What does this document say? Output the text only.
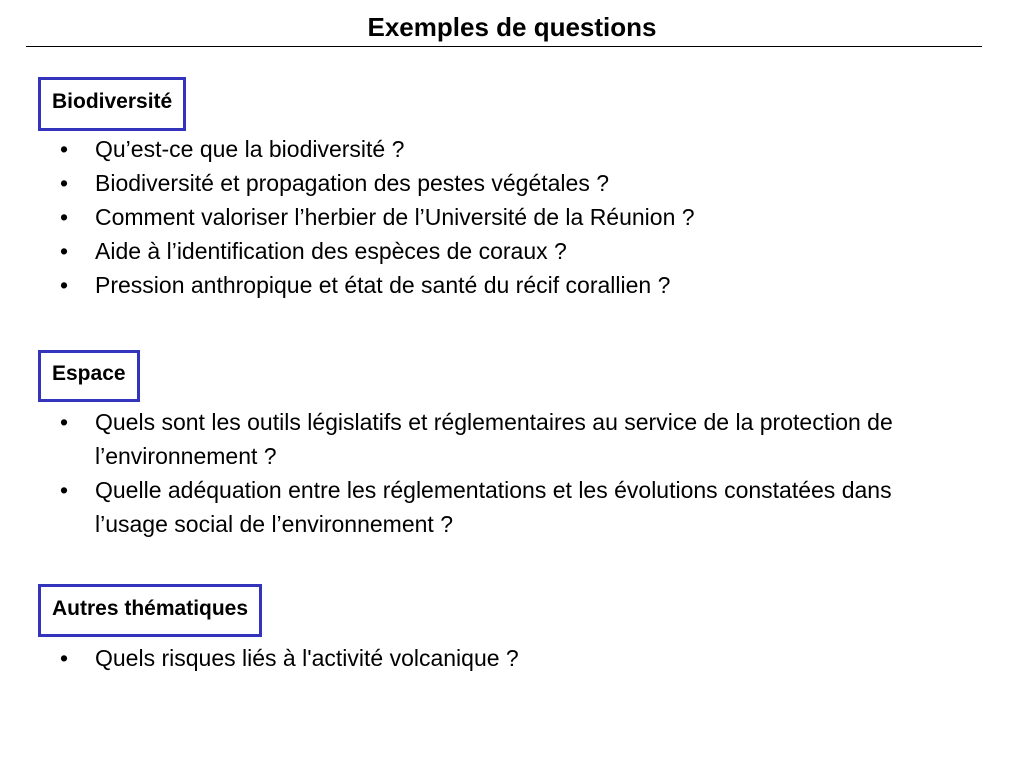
Exemples de questions
Biodiversité
• Qu’est-ce que la biodiversité ?
• Biodiversité et propagation des pestes végétales ?
• Comment valoriser l’herbier de l’Université de la Réunion ?
• Aide à l’identification des espèces de coraux ?
• Pression anthropique et état de santé du récif corallien ?
Espace
• Quels sont les outils législatifs et réglementaires au service de la protection de l’environnement ?
• Quelle adéquation entre les réglementations et les évolutions constatées dans l’usage social de l’environnement ?
Autres thématiques
• Quels risques liés à l'activité volcanique ?
